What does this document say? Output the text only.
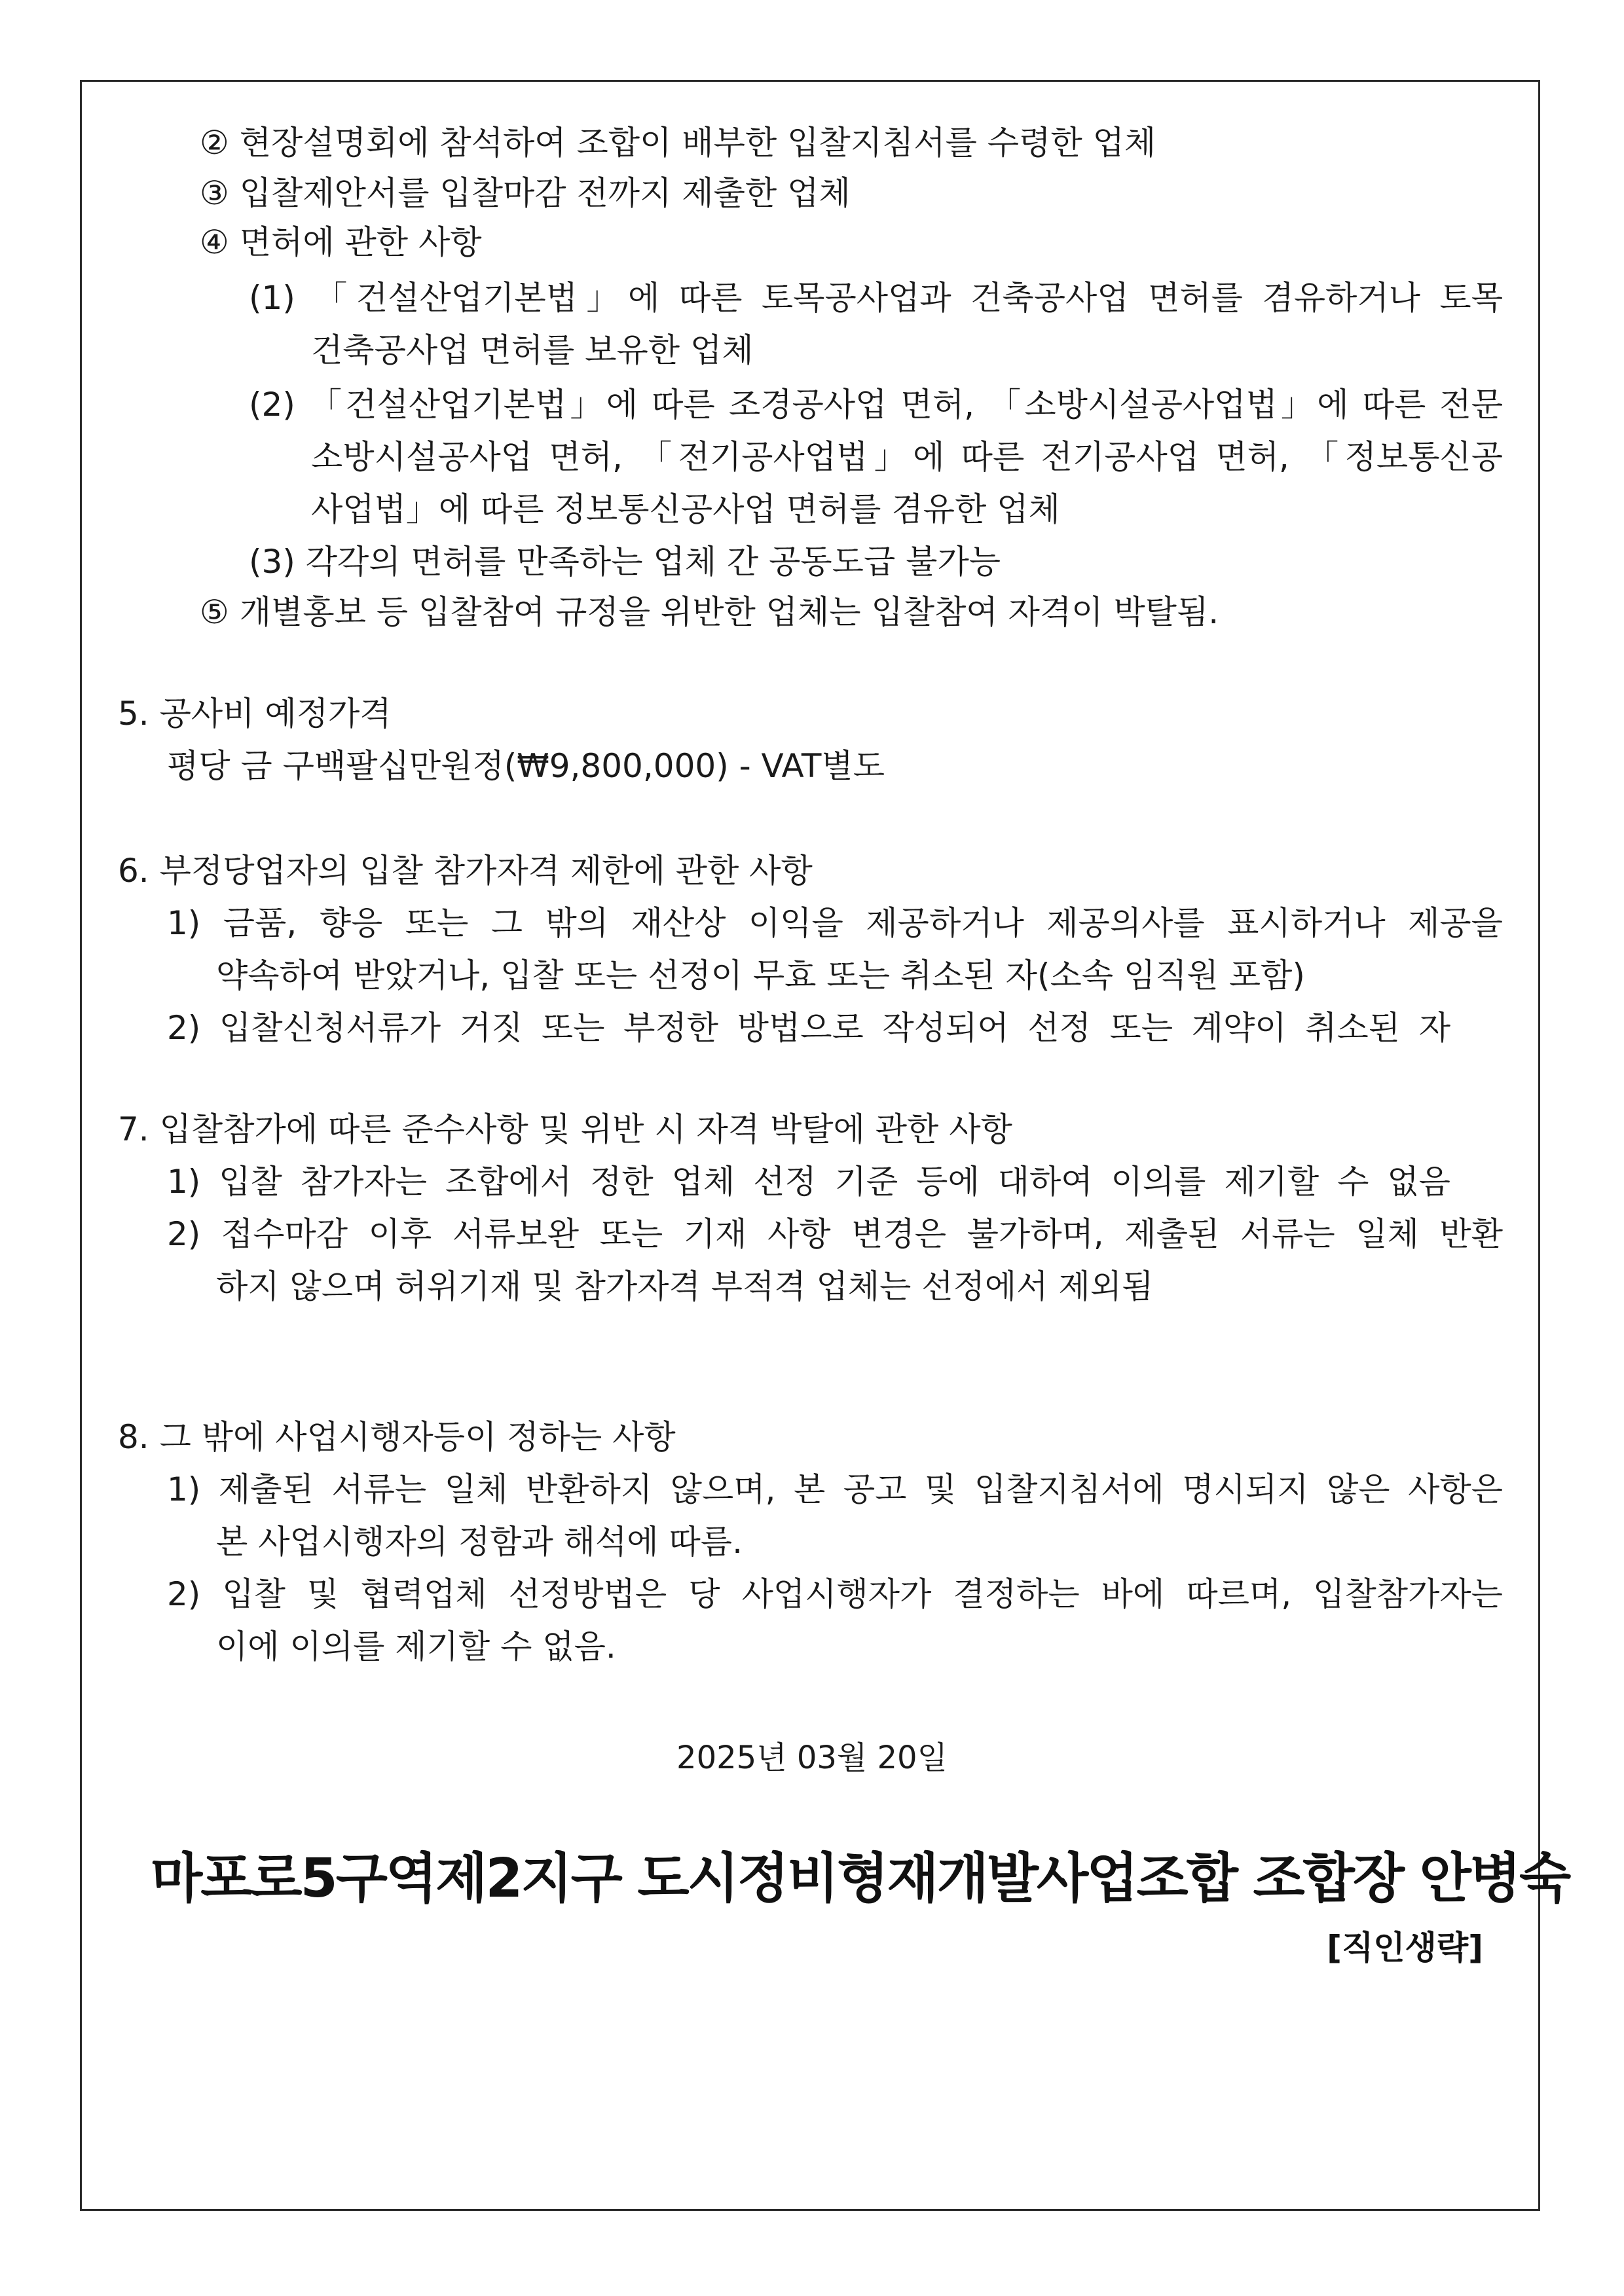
② 현장설명회에 참석하여 조합이 배부한 입찰지침서를 수령한 업체
③ 입찰제안서를 입찰마감 전까지 제출한 업체
④ 면허에 관한 사항
(1) 「건설산업기본법」에 따른 토목공사업과 건축공사업 면허를 겸유하거나 토목
건축공사업 면허를 보유한 업체
(2) 「건설산업기본법」에 따른 조경공사업 면허, 「소방시설공사업법」에 따른 전문
소방시설공사업 면허, 「전기공사업법」에 따른 전기공사업 면허, 「정보통신공
사업법」에 따른 정보통신공사업 면허를 겸유한 업체
(3) 각각의 면허를 만족하는 업체 간 공동도급 불가능
⑤ 개별홍보 등 입찰참여 규정을 위반한 업체는 입찰참여 자격이 박탈됨.
5. 공사비 예정가격
평당 금 구백팔십만원정(₩9,800,000) - VAT별도
6. 부정당업자의 입찰 참가자격 제한에 관한 사항
1) 금품, 향응 또는 그 밖의 재산상 이익을 제공하거나 제공의사를 표시하거나 제공을
약속하여 받았거나, 입찰 또는 선정이 무효 또는 취소된 자(소속 임직원 포함)
2) 입찰신청서류가 거짓 또는 부정한 방법으로 작성되어 선정 또는 계약이 취소된 자
7. 입찰참가에 따른 준수사항 및 위반 시 자격 박탈에 관한 사항
1) 입찰 참가자는 조합에서 정한 업체 선정 기준 등에 대하여 이의를 제기할 수 없음
2) 접수마감 이후 서류보완 또는 기재 사항 변경은 불가하며, 제출된 서류는 일체 반환
하지 않으며 허위기재 및 참가자격 부적격 업체는 선정에서 제외됨
8. 그 밖에 사업시행자등이 정하는 사항
1) 제출된 서류는 일체 반환하지 않으며, 본 공고 및 입찰지침서에 명시되지 않은 사항은
본 사업시행자의 정함과 해석에 따름.
2) 입찰 및 협력업체 선정방법은 당 사업시행자가 결정하는 바에 따르며, 입찰참가자는
이에 이의를 제기할 수 없음.
2025년 03월 20일
마포로5구역제2지구 도시정비형재개발사업조합 조합장 안병숙
[직인생략]
